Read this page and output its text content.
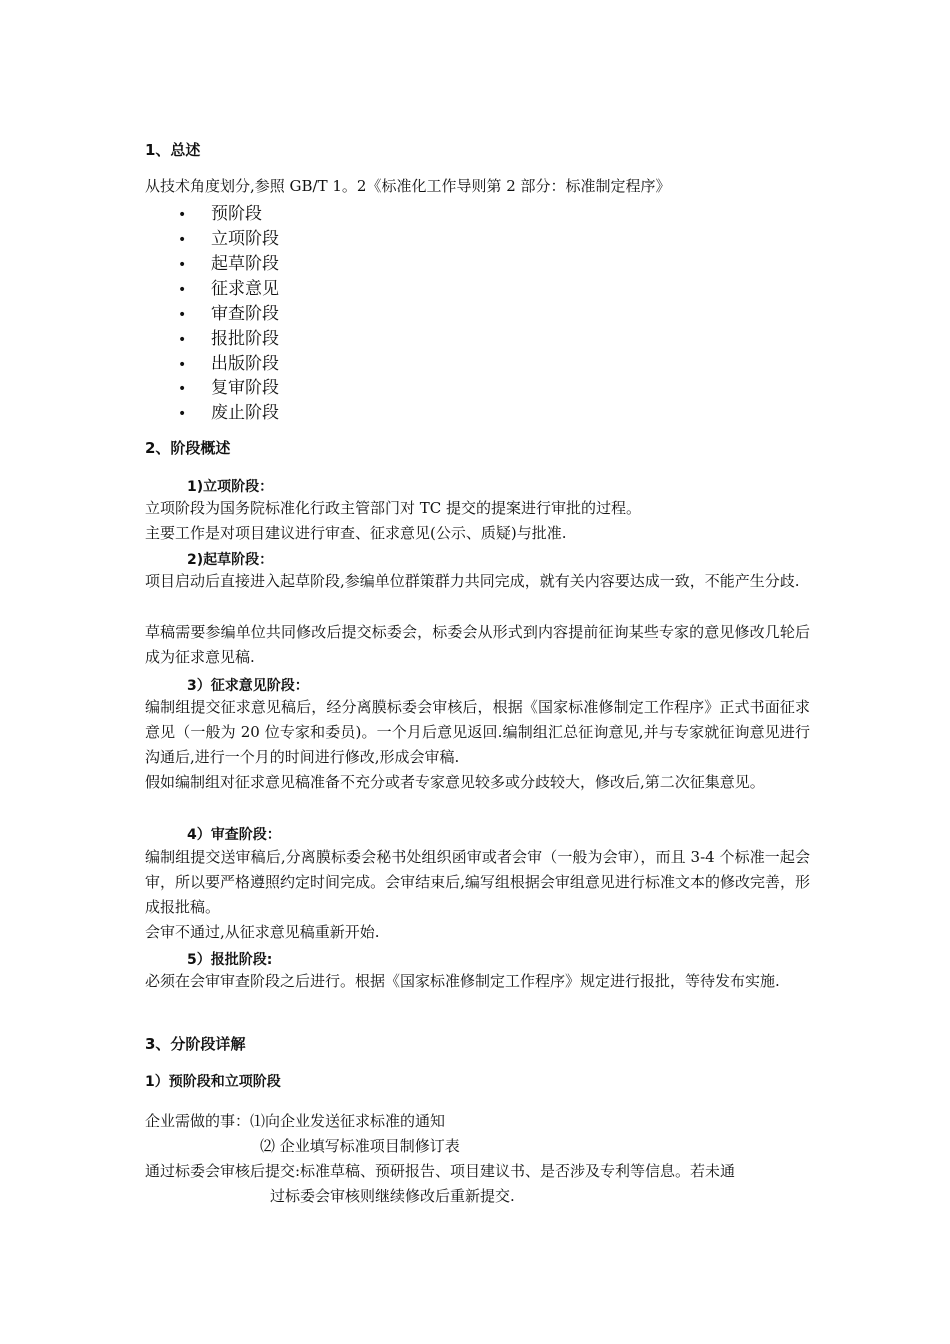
1、总述
从技术角度划分,参照 GB/T 1。2《标准化工作导则第 2 部分：标准制定程序》
• 预阶段
• 立项阶段
• 起草阶段
• 征求意见
• 审查阶段
• 报批阶段
• 出版阶段
• 复审阶段
• 废止阶段
2、阶段概述
1)立项阶段：
立项阶段为国务院标准化行政主管部门对 TC 提交的提案进行审批的过程。
主要工作是对项目建议进行审查、征求意见(公示、质疑)与批准.
2)起草阶段：
项目启动后直接进入起草阶段,参编单位群策群力共同完成，就有关内容要达成一致，不能产生分歧.
草稿需要参编单位共同修改后提交标委会，标委会从形式到内容提前征询某些专家的意见修改几轮后成为征求意见稿.
3）征求意见阶段：
编制组提交征求意见稿后，经分离膜标委会审核后，根据《国家标准修制定工作程序》正式书面征求意见（一般为 20 位专家和委员)。一个月后意见返回.编制组汇总征询意见,并与专家就征询意见进行沟通后,进行一个月的时间进行修改,形成会审稿.
假如编制组对征求意见稿准备不充分或者专家意见较多或分歧较大，修改后,第二次征集意见。
4）审查阶段：
编制组提交送审稿后,分离膜标委会秘书处组织函审或者会审（一般为会审），而且 3-4 个标准一起会审，所以要严格遵照约定时间完成。会审结束后,编写组根据会审组意见进行标准文本的修改完善，形成报批稿。
会审不通过,从征求意见稿重新开始.
5）报批阶段:
必须在会审审查阶段之后进行。根据《国家标准修制定工作程序》规定进行报批，等待发布实施.
3、分阶段详解
1）预阶段和立项阶段
企业需做的事：⑴向企业发送征求标准的通知
⑵ 企业填写标准项目制修订表
通过标委会审核后提交:标准草稿、预研报告、项目建议书、是否涉及专利等信息。若未通
过标委会审核则继续修改后重新提交.
